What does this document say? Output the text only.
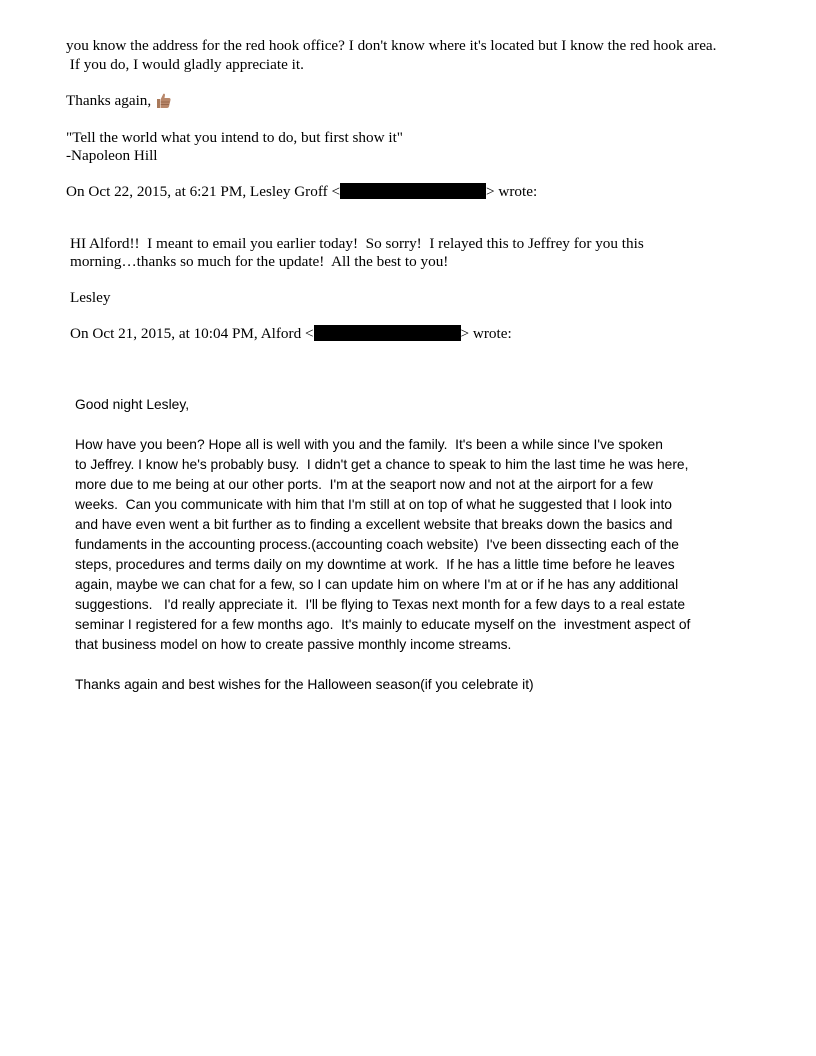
you know the address for the red hook office? I don't know where it's located but I know the red hook area.
If you do, I would gladly appreciate it.
Thanks again,
"Tell the world what you intend to do, but first show it"
-Napoleon Hill
On Oct 22, 2015, at 6:21 PM, Lesley Groff <	> wrote:
HI Alford!!  I meant to email you earlier today!  So sorry!  I relayed this to Jeffrey for you this
morning…thanks so much for the update!  All the best to you!
Lesley
On Oct 21, 2015, at 10:04 PM, Alford <	> wrote:
Good night Lesley,
How have you been? Hope all is well with you and the family.  It's been a while since I've spoken
to Jeffrey. I know he's probably busy.  I didn't get a chance to speak to him the last time he was here,
more due to me being at our other ports.  I'm at the seaport now and not at the airport for a few
weeks.  Can you communicate with him that I'm still at on top of what he suggested that I look into
and have even went a bit further as to finding a excellent website that breaks down the basics and
fundaments in the accounting process.(accounting coach website)  I've been dissecting each of the
steps, procedures and terms daily on my downtime at work.  If he has a little time before he leaves
again, maybe we can chat for a few, so I can update him on where I'm at or if he has any additional
suggestions.   I'd really appreciate it.  I'll be flying to Texas next month for a few days to a real estate
seminar I registered for a few months ago.  It's mainly to educate myself on the  investment aspect of
that business model on how to create passive monthly income streams.
Thanks again and best wishes for the Halloween season(if you celebrate it)
